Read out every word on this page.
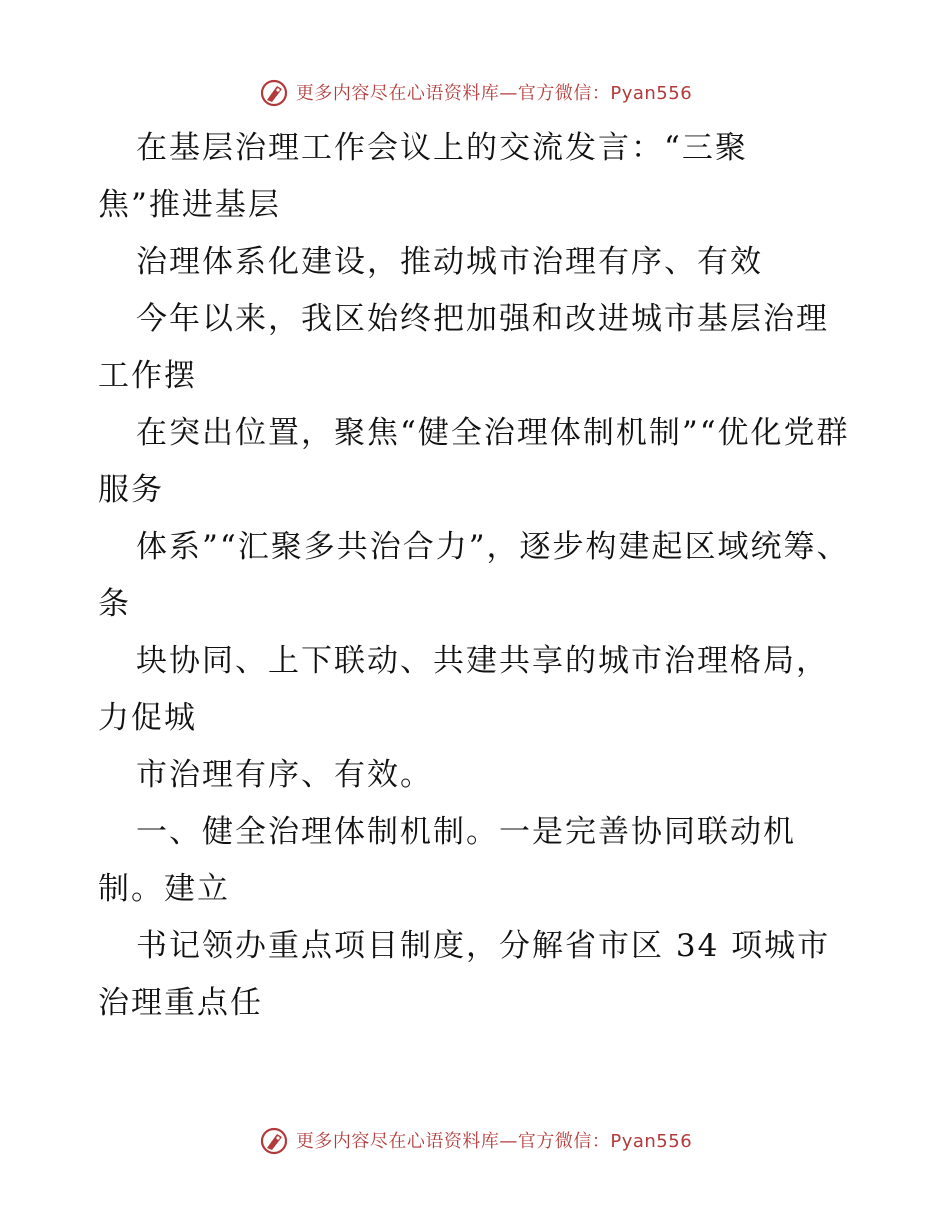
更多内容尽在心语资料库—官方微信：Pyan556

在基层治理工作会议上的交流发言：“三聚

焦”推进基层

治理体系化建设，推动城市治理有序、有效

今年以来，我区始终把加强和改进城市基层治理工作摆

在突出位置，聚焦“健全治理体制机制”“优化党群服务

体系”“汇聚多共治合力”，逐步构建起区域统筹、条

块协同、上下联动、共建共享的城市治理格局，力促城

市治理有序、有效。

一、健全治理体制机制。一是完善协同联动机制。建立

书记领办重点项目制度，分解省市区 34 项城市治理重点任

更多内容尽在心语资料库—官方微信：Pyan556
